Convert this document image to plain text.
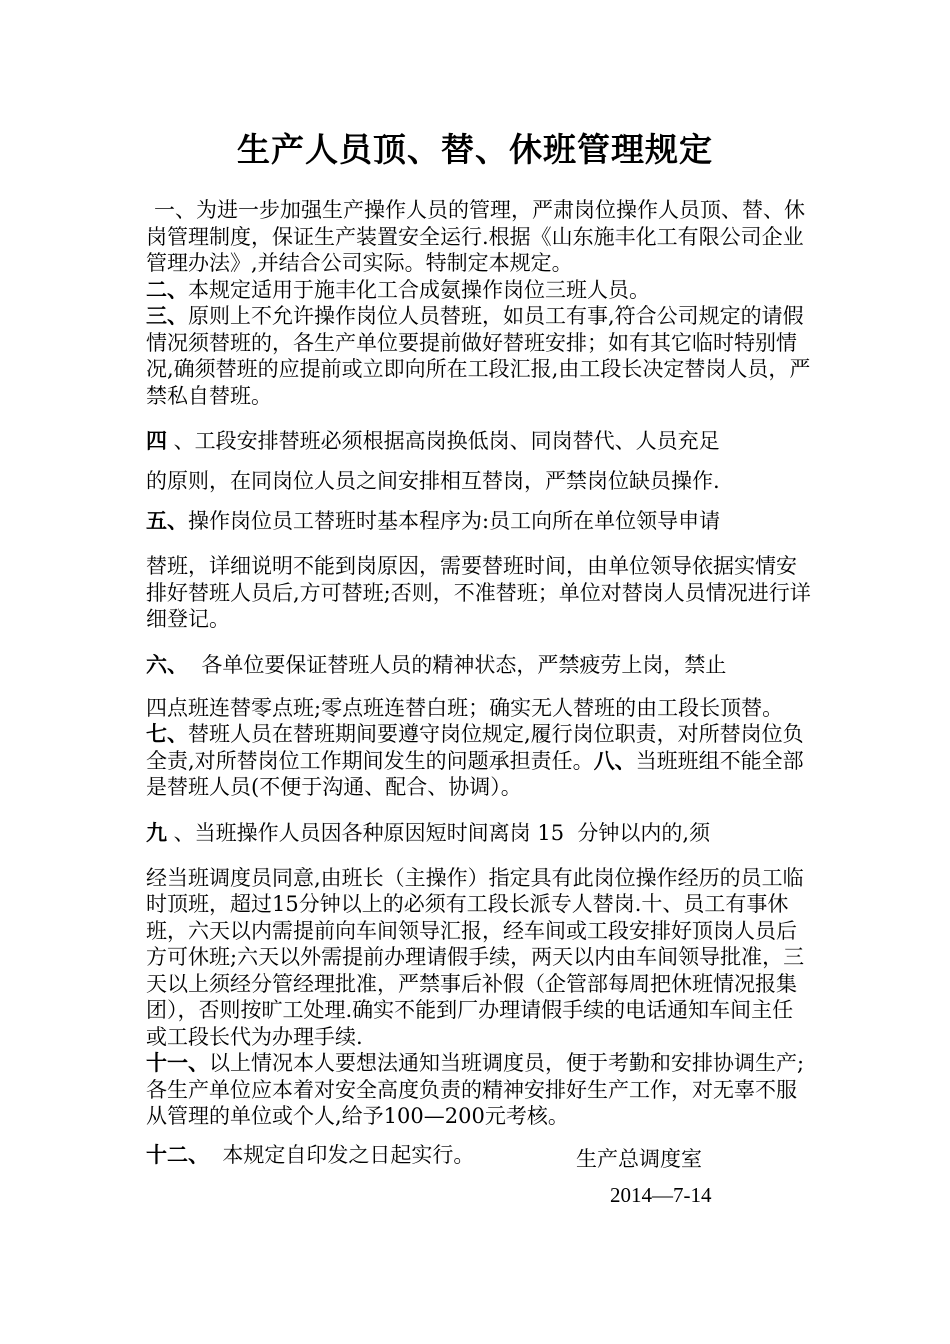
生产人员顶、替、休班管理规定

一、为进一步加强生产操作人员的管理，严肃岗位操作人员顶、替、休岗管理制度，保证生产装置安全运行.根据《山东施丰化工有限公司企业管理办法》,并结合公司实际。特制定本规定。

二、本规定适用于施丰化工合成氨操作岗位三班人员。

三、原则上不允许操作岗位人员替班，如员工有事,符合公司规定的请假情况须替班的，各生产单位要提前做好替班安排；如有其它临时特别情况,确须替班的应提前或立即向所在工段汇报,由工段长决定替岗人员，严禁私自替班。

四 、工段安排替班必须根据高岗换低岗、同岗替代、人员充足
的原则，在同岗位人员之间安排相互替岗，严禁岗位缺员操作.

五、操作岗位员工替班时基本程序为:员工向所在单位领导申请
替班，详细说明不能到岗原因，需要替班时间，由单位领导依据实情安排好替班人员后,方可替班;否则，不准替班；单位对替岗人员情况进行详细登记。

六、  各单位要保证替班人员的精神状态，严禁疲劳上岗，禁止
四点班连替零点班;零点班连替白班；确实无人替班的由工段长顶替。

七、替班人员在替班期间要遵守岗位规定,履行岗位职责，对所替岗位负全责,对所替岗位工作期间发生的问题承担责任。八、当班班组不能全部是替班人员(不便于沟通、配合、协调）。

九 、当班操作人员因各种原因短时间离岗 15  分钟以内的,须
经当班调度员同意,由班长（主操作）指定具有此岗位操作经历的员工临时顶班，超过15分钟以上的必须有工段长派专人替岗.十、员工有事休班，六天以内需提前向车间领导汇报，经车间或工段安排好顶岗人员后方可休班;六天以外需提前办理请假手续，两天以内由车间领导批准，三天以上须经分管经理批准，严禁事后补假（企管部每周把休班情况报集团），否则按旷工处理.确实不能到厂办理请假手续的电话通知车间主任或工段长代为办理手续.

十一、以上情况本人要想法通知当班调度员，便于考勤和安排协调生产;各生产单位应本着对安全高度负责的精神安排好生产工作，对无辜不服从管理的单位或个人,给予100—200元考核。

十二、  本规定自印发之日起实行。	生产总调度室
2014—7-14
